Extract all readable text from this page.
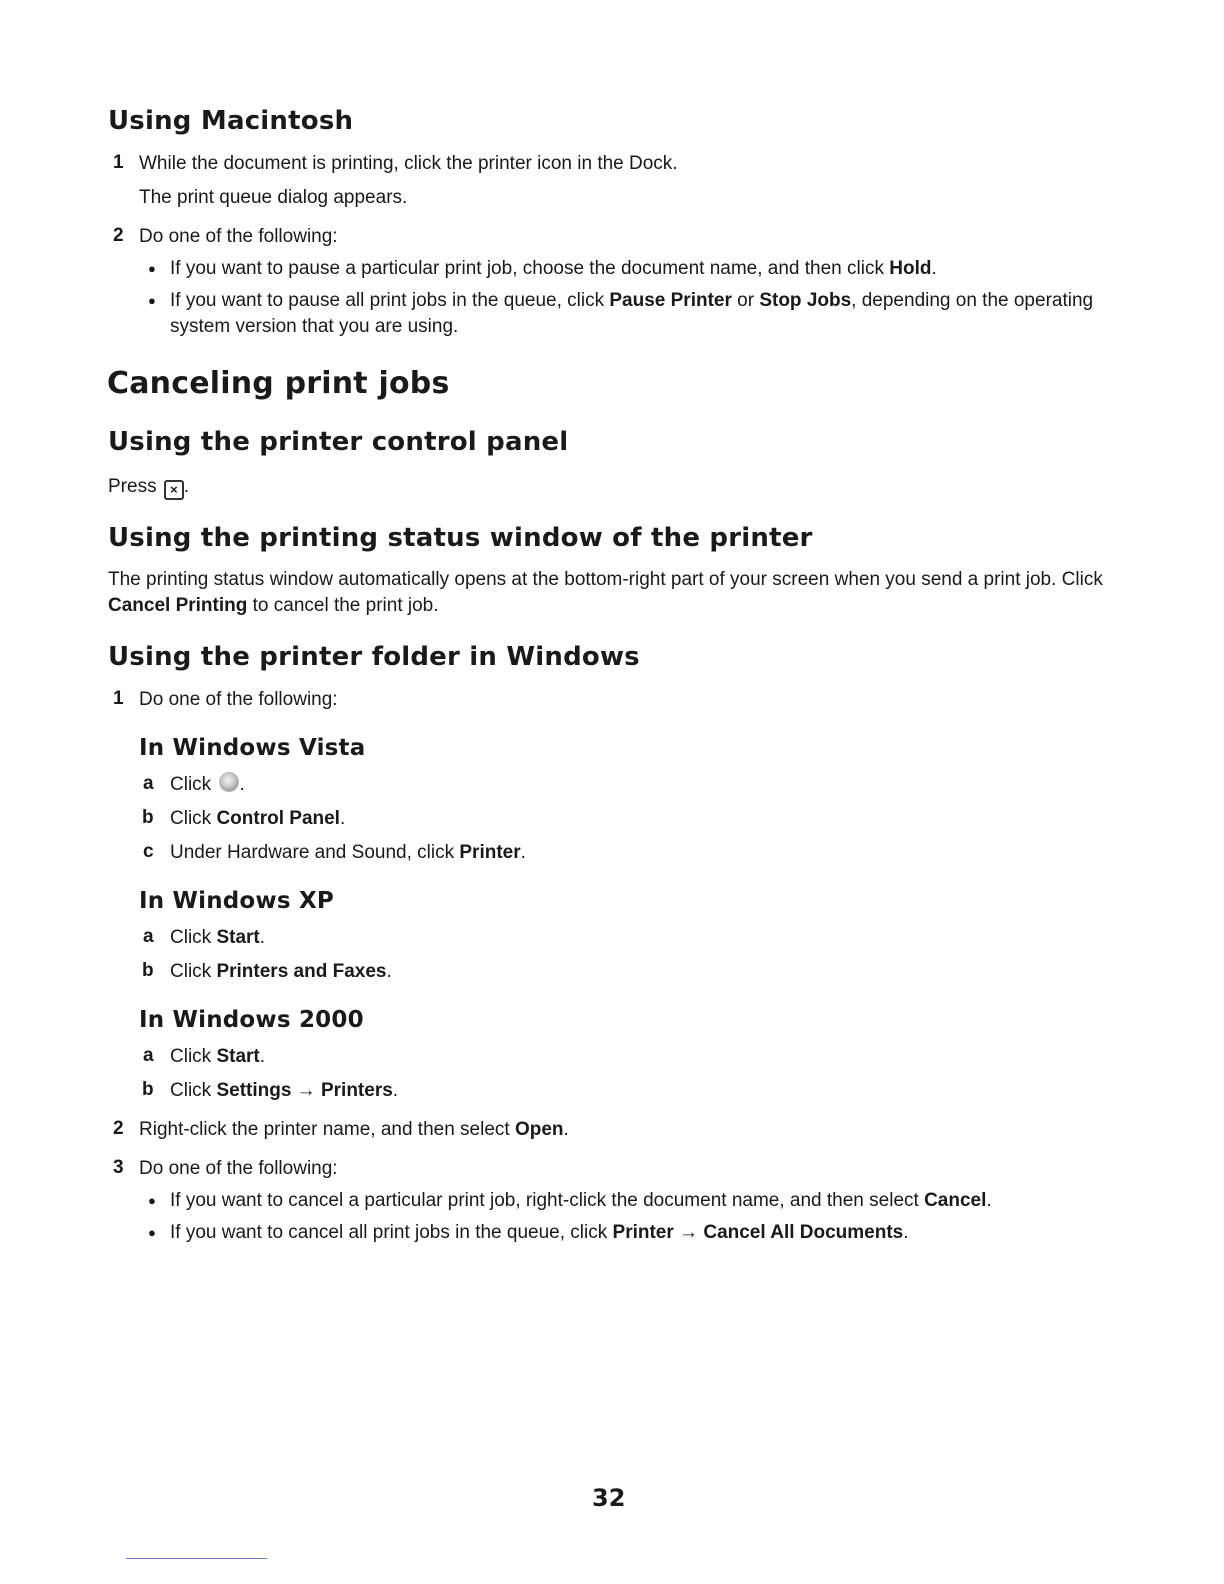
Using Macintosh
1 While the document is printing, click the printer icon in the Dock.
The print queue dialog appears.
2 Do one of the following:
● If you want to pause a particular print job, choose the document name, and then click Hold.
● If you want to pause all print jobs in the queue, click Pause Printer or Stop Jobs, depending on the operating system version that you are using.
Canceling print jobs
Using the printer control panel
Press × .
Using the printing status window of the printer
The printing status window automatically opens at the bottom-right part of your screen when you send a print job. Click Cancel Printing to cancel the print job.
Using the printer folder in Windows
1 Do one of the following:
In Windows Vista
a Click .
b Click Control Panel.
c Under Hardware and Sound, click Printer.
In Windows XP
a Click Start.
b Click Printers and Faxes.
In Windows 2000
a Click Start.
b Click Settings → Printers.
2 Right-click the printer name, and then select Open.
3 Do one of the following:
● If you want to cancel a particular print job, right-click the document name, and then select Cancel.
● If you want to cancel all print jobs in the queue, click Printer → Cancel All Documents.
32
